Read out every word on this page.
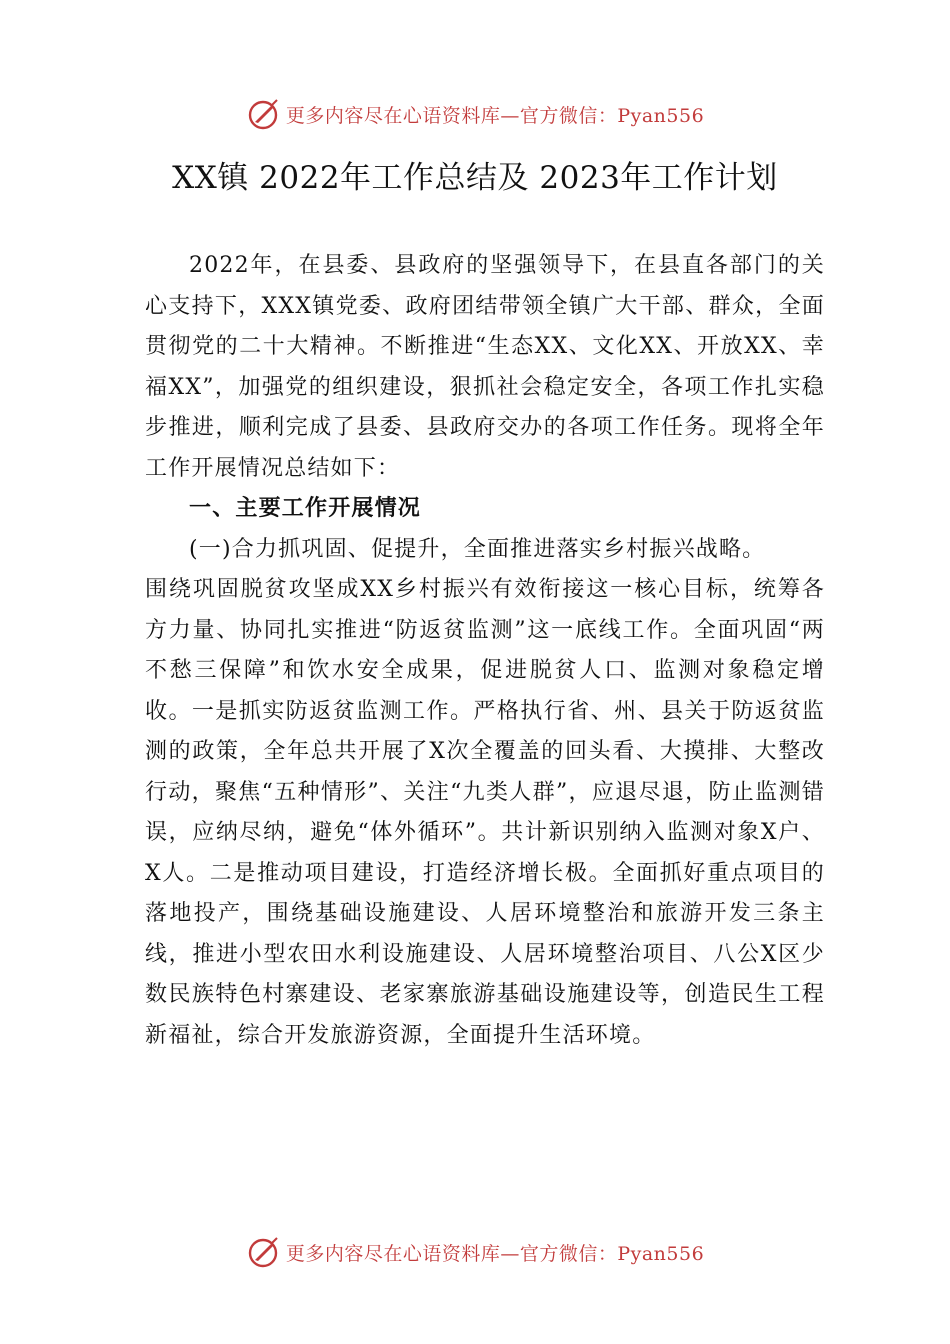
更多内容尽在心语资料库—官方微信：Pyan556
XX镇 2022年工作总结及 2023年工作计划

2022年，在县委、县政府的坚强领导下，在县直各部门的关心支持下，XXX镇党委、政府团结带领全镇广大干部、群众，全面贯彻党的二十大精神。不断推进“生态XX、文化XX、开放XX、幸福XX”，加强党的组织建设，狠抓社会稳定安全，各项工作扎实稳步推进，顺利完成了县委、县政府交办的各项工作任务。现将全年工作开展情况总结如下：

一、主要工作开展情况

(一)合力抓巩固、促提升，全面推进落实乡村振兴战略。

围绕巩固脱贫攻坚成XX乡村振兴有效衔接这一核心目标，统筹各方力量、协同扎实推进“防返贫监测”这一底线工作。全面巩固“两不愁三保障”和饮水安全成果，促进脱贫人口、监测对象稳定增收。一是抓实防返贫监测工作。严格执行省、州、县关于防返贫监测的政策，全年总共开展了X次全覆盖的回头看、大摸排、大整改行动，聚焦“五种情形”、关注“九类人群”，应退尽退，防止监测错误，应纳尽纳，避免“体外循环”。共计新识别纳入监测对象X户、X人。二是推动项目建设，打造经济增长极。全面抓好重点项目的落地投产，围绕基础设施建设、人居环境整治和旅游开发三条主线，推进小型农田水利设施建设、人居环境整治项目、八公X区少数民族特色村寨建设、老家寨旅游基础设施建设等，创造民生工程新福祉，综合开发旅游资源，全面提升生活环境。

更多内容尽在心语资料库—官方微信：Pyan556
